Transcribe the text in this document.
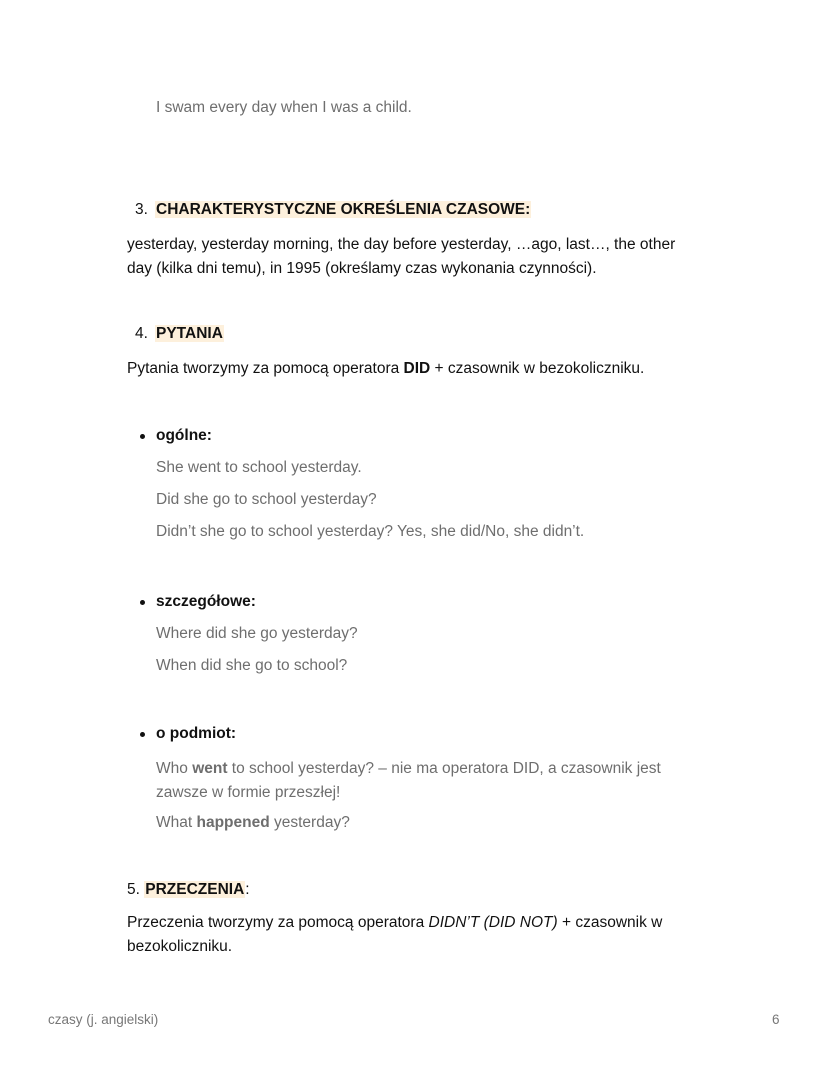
I swam every day when I was a child.
3. CHARAKTERYSTYCZNE OKREŚLENIA CZASOWE:
yesterday, yesterday morning, the day before yesterday, …ago, last…, the other
day (kilka dni temu), in 1995 (określamy czas wykonania czynności).
4. PYTANIA
Pytania tworzymy za pomocą operatora DID + czasownik w bezokoliczniku.
ogólne:
She went to school yesterday.
Did she go to school yesterday?
Didn’t she go to school yesterday? Yes, she did/No, she didn’t.
szczegółowe:
Where did she go yesterday?
When did she go to school?
o podmiot:
Who went to school yesterday? – nie ma operatora DID, a czasownik jest
zawsze w formie przeszłej!
What happened yesterday?
5. PRZECZENIA:
Przeczenia tworzymy za pomocą operatora DIDN’T (DID NOT) + czasownik w
bezokoliczniku.
czasy (j. angielski)	6
